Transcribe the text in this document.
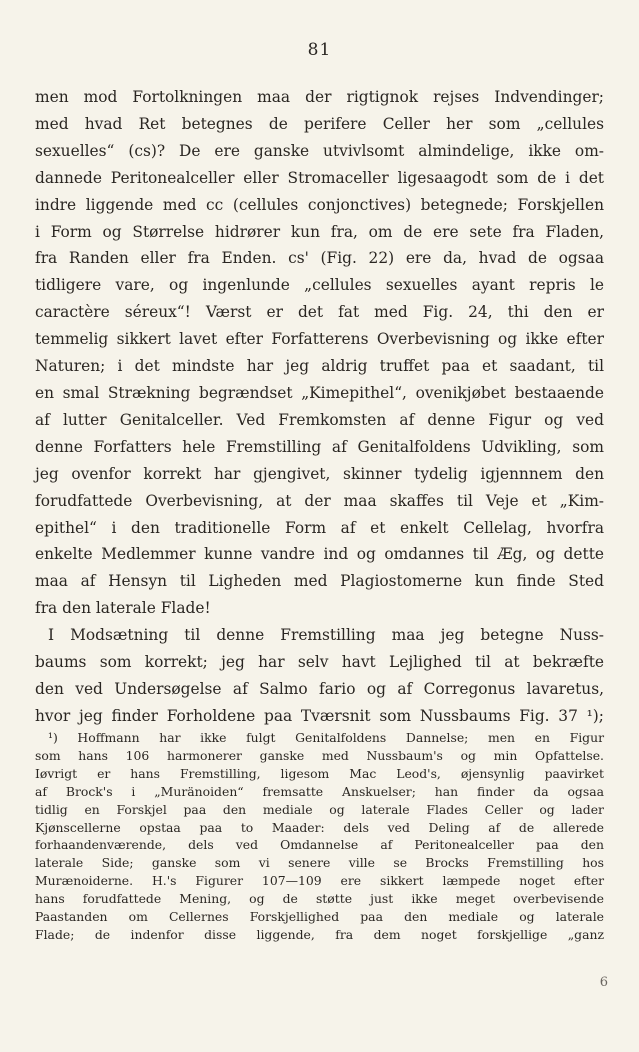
81
men mod Fortolkningen maa der rigtignok rejses Indvendinger;
med hvad Ret betegnes de perifere Celler her som „cellules
sexuelles“ (cs)? De ere ganske utvivlsomt almindelige, ikke om-
dannede Peritonealceller eller Stromaceller ligesaagodt som de i det
indre liggende med cc (cellules conjonctives) betegnede; Forskjellen
i Form og Størrelse hidrører kun fra, om de ere sete fra Fladen,
fra Randen eller fra Enden. cs' (Fig. 22) ere da, hvad de ogsaa
tidligere vare, og ingenlunde „cellules sexuelles ayant repris le
caractère séreux“! Værst er det fat med Fig. 24, thi den er
temmelig sikkert lavet efter Forfatterens Overbevisning og ikke efter
Naturen; i det mindste har jeg aldrig truffet paa et saadant, til
en smal Strækning begrændset „Kimepithel“, ovenikjøbet bestaaende
af lutter Genitalceller. Ved Fremkomsten af denne Figur og ved
denne Forfatters hele Fremstilling af Genitalfoldens Udvikling, som
jeg ovenfor korrekt har gjengivet, skinner tydelig igjennnem den
forudfattede Overbevisning, at der maa skaffes til Veje et „Kim-
epithel“ i den traditionelle Form af et enkelt Cellelag, hvorfra
enkelte Medlemmer kunne vandre ind og omdannes til Æg, og dette
maa af Hensyn til Ligheden med Plagiostomerne kun finde Sted
fra den laterale Flade!
I Modsætning til denne Fremstilling maa jeg betegne Nuss-
baums som korrekt; jeg har selv havt Lejlighed til at bekræfte
den ved Undersøgelse af Salmo fario og af Corregonus lavaretus,
hvor jeg finder Forholdene paa Tværsnit som Nussbaums Fig. 37 ¹);
¹) Hoffmann har ikke fulgt Genitalfoldens Dannelse; men en Figur
som hans 106 harmonerer ganske med Nussbaum's og min Opfattelse.
Iøvrigt er hans Fremstilling, ligesom Mac Leod's, øjensynlig paavirket
af Brock's i „Muränoiden“ fremsatte Anskuelser; han finder da ogsaa
tidlig en Forskjel paa den mediale og laterale Flades Celler og lader
Kjønscellerne opstaa paa to Maader: dels ved Deling af de allerede
forhaandenværende, dels ved Omdannelse af Peritonealceller paa den
laterale Side; ganske som vi senere ville se Brocks Fremstilling hos
Murænoiderne. H.'s Figurer 107—109 ere sikkert læmpede noget efter
hans forudfattede Mening, og de støtte just ikke meget overbevisende
Paastanden om Cellernes Forskjellighed paa den mediale og laterale
Flade; de indenfor disse liggende, fra dem noget forskjellige „ganz
6
